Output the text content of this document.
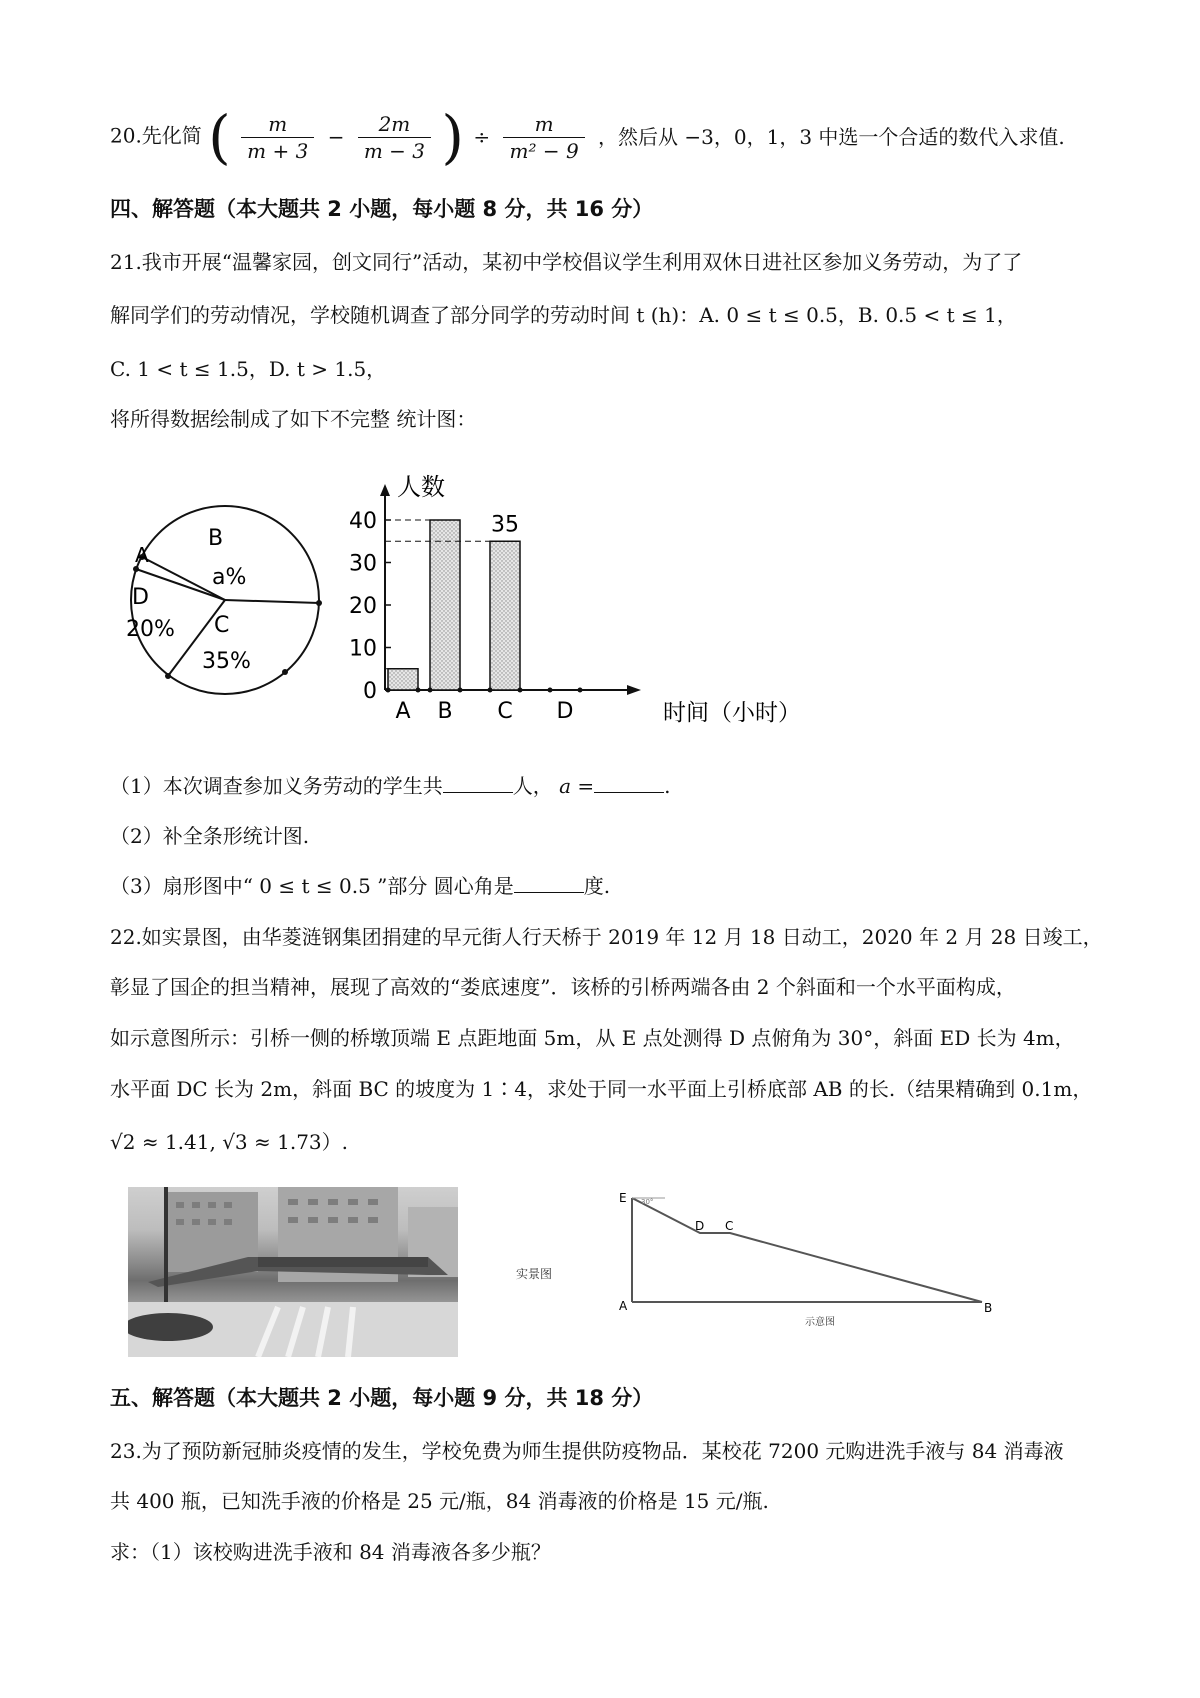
20.先化简 ( $\frac{m}{m + 3} - \frac{2m}{m - 3}$ ) ÷ $\frac{m}{\text{m² − 9}}$ ，然后从 −3，0，1，3 中选一个合适的数代入求值.
四、解答题（本大题共 2 小题，每小题 8 分，共 16 分）
21.我市开展“温馨家园，创文同行”活动，某初中学校倡议学生利用双休日进社区参加义务劳动，为了了
解同学们的劳动情况，学校随机调查了部分同学的劳动时间 t (h)：A. 0 ≤ t ≤ 0.5，B. 0.5 < t ≤ 1，
C. 1 < t ≤ 1.5，D. t > 1.5，
将所得数据绘制成了如下不完整 统计图：
B
a%
A
D
20% C
35%
0
10
20
30
40
A B
35
C D
人数
时间（小时）
（1）本次调查参加义务劳动的学生共	人， a =	.
（2）补全条形统计图.
（3）扇形图中“ 0 ≤ t ≤ 0.5 ”部分 圆心角是	度.
22.如实景图，由华菱涟钢集团捐建的早元街人行天桥于 2019 年 12 月 18 日动工，2020 年 2 月 28 日竣工，
彰显了国企的担当精神，展现了高效的“娄底速度”．该桥的引桥两端各由 2 个斜面和一个水平面构成，
如示意图所示：引桥一侧的桥墩顶端 E 点距地面 5m，从 E 点处测得 D 点俯角为 30°，斜面 ED 长为 4m，
水平面 DC 长为 2m，斜面 BC 的坡度为 1∶4，求处于同一水平面上引桥底部 AB 的长.（结果精确到 0.1m，
√2 ≈ 1.41, √3 ≈ 1.73）.
实景图
E 30°
D C
A	B
示意图
五、解答题（本大题共 2 小题，每小题 9 分，共 18 分）
23.为了预防新冠肺炎疫情的发生，学校免费为师生提供防疫物品．某校花 7200 元购进洗手液与 84 消毒液
共 400 瓶，已知洗手液的价格是 25 元/瓶，84 消毒液的价格是 15 元/瓶.
求：（1）该校购进洗手液和 84 消毒液各多少瓶？
